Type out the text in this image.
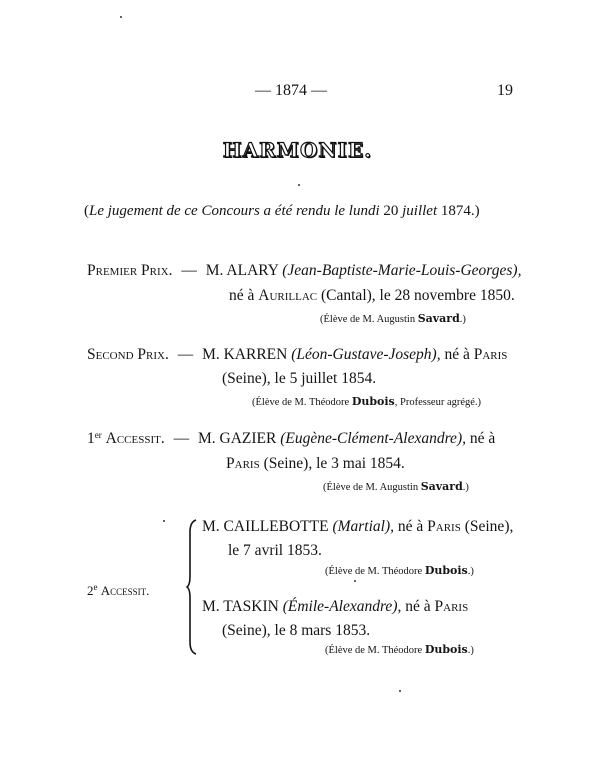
— 1874 —	19
HARMONIE.
(Le jugement de ce Concours a été rendu le lundi 20 juillet 1874.)
Premier Prix. — M. ALARY (Jean-Baptiste-Marie-Louis-Georges),
né à Aurillac (Cantal), le 28 novembre 1850.
(Élève de M. Augustin Savard.)
Second Prix. — M. KARREN (Léon-Gustave-Joseph), né à Paris
(Seine), le 5 juillet 1854.
(Élève de M. Théodore Dubois, Professeur agrégé.)
1er Accessit. — M. GAZIER (Eugène-Clément-Alexandre), né à
Paris (Seine), le 3 mai 1854.
(Élève de M. Augustin Savard.)
2e Accessit.
M. CAILLEBOTTE (Martial), né à Paris (Seine),
le 7 avril 1853.
(Élève de M. Théodore Dubois.)
M. TASKIN (Émile-Alexandre), né à Paris
(Seine), le 8 mars 1853.
(Élève de M. Théodore Dubois.)
